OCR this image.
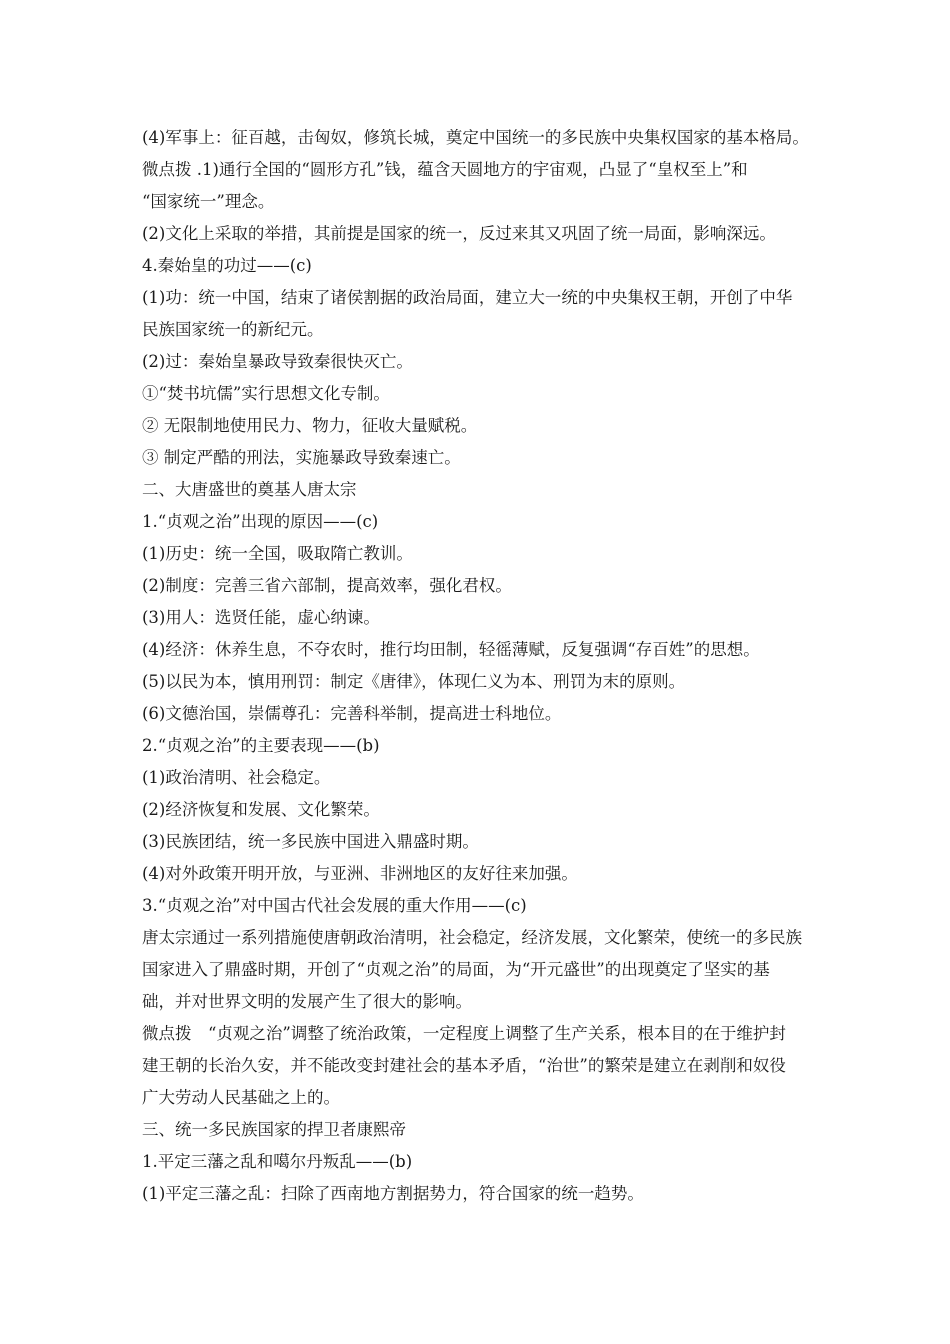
(4)军事上：征百越，击匈奴，修筑长城，奠定中国统一的多民族中央集权国家的基本格局。
微点拨 .1)通行全国的“圆形方孔”钱，蕴含天圆地方的宇宙观，凸显了“皇权至上”和
“国家统一”理念。
(2)文化上采取的举措，其前提是国家的统一，反过来其又巩固了统一局面，影响深远。
4.秦始皇的功过——(c)
(1)功：统一中国，结束了诸侯割据的政治局面，建立大一统的中央集权王朝，开创了中华
民族国家统一的新纪元。
(2)过：秦始皇暴政导致秦很快灭亡。
①“焚书坑儒”实行思想文化专制。
② 无限制地使用民力、物力，征收大量赋税。
③ 制定严酷的刑法，实施暴政导致秦速亡。
二、大唐盛世的奠基人唐太宗
1.“贞观之治”出现的原因——(c)
(1)历史：统一全国，吸取隋亡教训。
(2)制度：完善三省六部制，提高效率，强化君权。
(3)用人：选贤任能，虚心纳谏。
(4)经济：休养生息，不夺农时，推行均田制，轻徭薄赋，反复强调“存百姓”的思想。
(5)以民为本，慎用刑罚：制定《唐律》，体现仁义为本、刑罚为末的原则。
(6)文德治国，崇儒尊孔：完善科举制，提高进士科地位。
2.“贞观之治”的主要表现——(b)
(1)政治清明、社会稳定。
(2)经济恢复和发展、文化繁荣。
(3)民族团结，统一多民族中国进入鼎盛时期。
(4)对外政策开明开放，与亚洲、非洲地区的友好往来加强。
3.“贞观之治”对中国古代社会发展的重大作用——(c)
唐太宗通过一系列措施使唐朝政治清明，社会稳定，经济发展，文化繁荣，使统一的多民族
国家进入了鼎盛时期，开创了“贞观之治”的局面，为“开元盛世”的出现奠定了坚实的基
础，并对世界文明的发展产生了很大的影响。
微点拨　“贞观之治”调整了统治政策，一定程度上调整了生产关系，根本目的在于维护封
建王朝的长治久安，并不能改变封建社会的基本矛盾，“治世”的繁荣是建立在剥削和奴役
广大劳动人民基础之上的。
三、统一多民族国家的捍卫者康熙帝
1.平定三藩之乱和噶尔丹叛乱——(b)
(1)平定三藩之乱：扫除了西南地方割据势力，符合国家的统一趋势。
